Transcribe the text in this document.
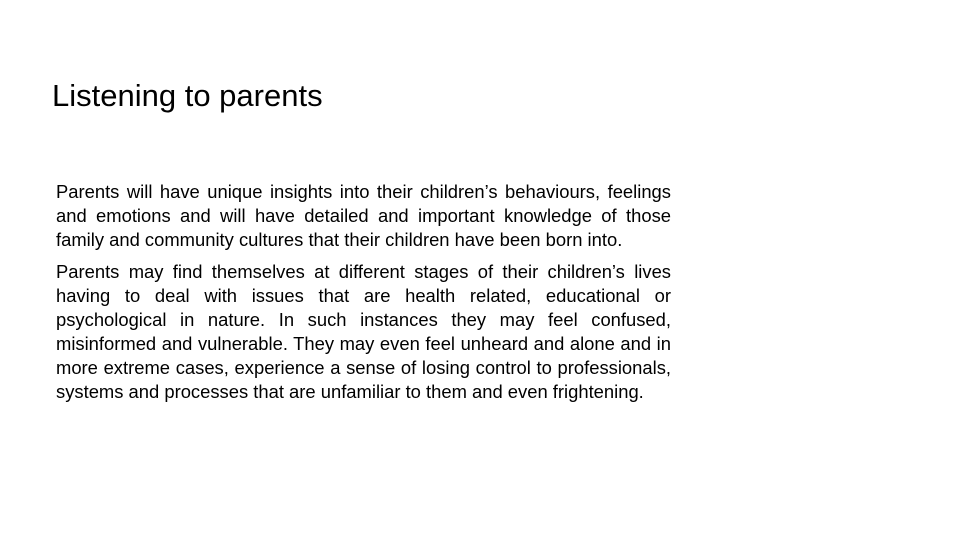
Listening to parents

Parents will have unique insights into their children’s behaviours, feelings and emotions and will have detailed and important knowledge of those family and community cultures that their children have been born into.

Parents may find themselves at different stages of their children’s lives having to deal with issues that are health related, educational or psychological in nature. In such instances they may feel confused, misinformed and vulnerable. They may even feel unheard and alone and in more extreme cases, experience a sense of losing control to professionals, systems and processes that are unfamiliar to them and even frightening.
